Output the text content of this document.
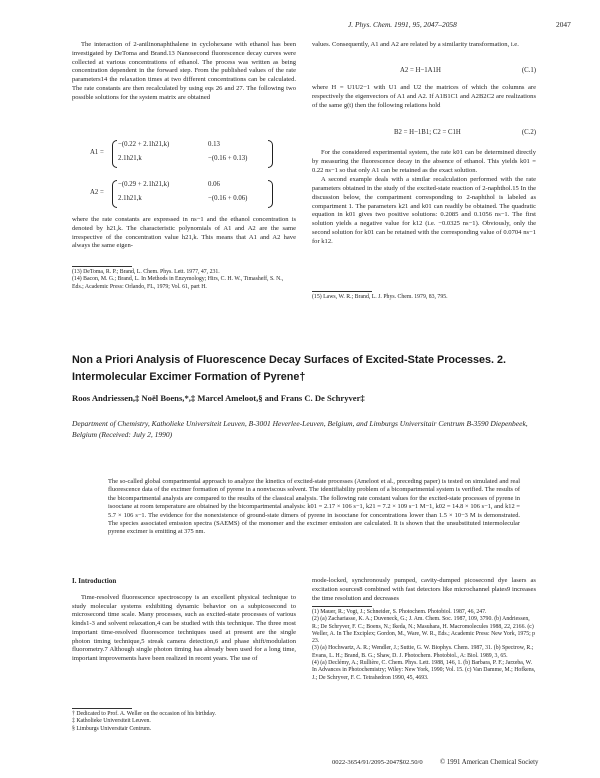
J. Phys. Chem. 1991, 95, 2047–2058	2047

The interaction of 2-anilinonaphthalene in cyclohexane with ethanol has been investigated by DeToma and Brand.13 Nanosecond fluorescence decay curves were collected at various concentrations of ethanol. The process was written as being concentration dependent in the forward step. From the published values of the rate parameters14 the relaxation times at two different concentrations can be calculated. The rate constants are then recalculated by using eqs 26 and 27. The following two possible solutions for the system matrix are obtained

A1 =
−(0.22 + 2.1h21,k)	0.13
2.1h21,k	−(0.16 + 0.13)
A2 =
−(0.29 + 2.1h21,k)	0.06
2.1h21,k	−(0.16 + 0.06)

where the rate constants are expressed in ns−1 and the ethanol concentration is denoted by h21,k. The characteristic polynomials of A1 and A2 are the same irrespective of the concentration value h21,k. This means that A1 and A2 have always the same eigen-

(13) DeToma, R. P.; Brand, L. Chem. Phys. Lett. 1977, 47, 231.
(14) Bacon, M. G.; Brand, L. In Methods in Enzymology; Hirs, C. H. W., Timasheff, S. N., Eds.; Academic Press: Orlando, FL, 1979; Vol. 61, part H.

values. Consequently, A1 and A2 are related by a similarity transformation, i.e.

A2 = H−1A1H	(C.1)

where H = U1U2−1 with U1 and U2 the matrices of which the columns are respectively the eigenvectors of A1 and A2. If A1B1C1 and A2B2C2 are realizations of the same g(t) then the following relations hold

B2 = H−1B1; C2 = C1H	(C.2)

For the considered experimental system, the rate k01 can be determined directly by measuring the fluorescence decay in the absence of ethanol. This yields k01 = 0.22 ns−1 so that only A1 can be retained as the exact solution.

A second example deals with a similar recalculation performed with the rate parameters obtained in the study of the excited-state reaction of 2-naphthol.15 In the discussion below, the compartment corresponding to 2-naphthol is labeled as compartment 1. The parameters k21 and k01 can readily be obtained. The quadratic equation in k01 gives two positive solutions: 0.2085 and 0.1056 ns−1. The first solution yields a negative value for k12 (i.e. −0.0325 ns−1). Obviously, only the second solution for k01 can be retained with the corresponding value of 0.0704 ns−1 for k12.

(15) Laws, W. R.; Brand, L. J. Phys. Chem. 1979, 83, 795.
Non a Priori Analysis of Fluorescence Decay Surfaces of Excited-State Processes. 2.
Intermolecular Excimer Formation of Pyrene†
Roos Andriessen,‡ Noël Boens,*,‡ Marcel Ameloot,§ and Frans C. De Schryver‡
Department of Chemistry, Katholieke Universiteit Leuven, B-3001 Heverlee-Leuven, Belgium, and Limburgs Universitair Centrum B-3590 Diepenbeek, Belgium (Received: July 2, 1990)
The so-called global compartmental approach to analyze the kinetics of excited-state processes (Ameloot et al., preceding paper) is tested on simulated and real fluorescence data of the excimer formation of pyrene in a nonviscous solvent. The identifiability problem of a bicompartmental system is verified. The results of the bicompartmental analysis are compared to the results of the classical analysis. The following rate constant values for the excited-state processes of pyrene in isooctane at room temperature are obtained by the bicompartmental analysis: k01 = 2.17 × 106 s−1, k21 = 7.2 × 109 s−1 M−1, k02 = 14.8 × 106 s−1, and k12 = 5.7 × 106 s−1. The evidence for the nonexistence of ground-state dimers of pyrene in isooctane for concentrations lower than 1.5 × 10−3 M is demonstrated. The species associated emission spectra (SAEMS) of the monomer and the excimer emission are calculated. It is shown that the unsubstituted intermolecular pyrene excimer is emitting at 375 nm.
I. Introduction

Time-resolved fluorescence spectroscopy is an excellent physical technique to study molecular systems exhibiting dynamic behavior on a subpicosecond to microsecond time scale. Many processes, such as excited-state processes of various kinds1-3 and solvent relaxation,4 can be studied with this technique. The three most important time-resolved fluorescence techniques used at present are the single photon timing technique,5 streak camera detection,6 and phase shift/modulation fluorometry.7 Although single photon timing has already been used for a long time, important improvements have been realized in recent years. The use of

† Dedicated to Prof. A. Weller on the occasion of his birthday.
‡ Katholieke Universiteit Leuven.
§ Limburgs Universitair Centrum.

mode-locked, synchronously pumped, cavity-dumped picosecond dye lasers as excitation sources8 combined with fast detectors like microchannel plates9 increases the time resolution and decreases

(1) Mauer, R.; Vogt, J.; Schneider, S. Photochem. Photobiol. 1987, 46, 247.
(2) (a) Zachariasse, K. A.; Duveneck, G.; J. Am. Chem. Soc. 1987, 109, 3790. (b) Andriessen, R.; De Schryver, F. C.; Boens, N.; Ikeda, N.; Masuhara, H. Macromolecules 1988, 22, 2166. (c) Weller, A. In The Exciplex; Gordon, M., Ware, W. R., Eds.; Academic Press: New York, 1975; p 23.
(3) (a) Hochwartz, A. R.; Wendler, J.; Suttie, G. W. Biophys. Chem. 1987, 31. (b) Spectrow, R.; Evans, L. H.; Brand, B. G.; Shaw, D. J. Photochem. Photobiol., A: Biol. 1989, 3, 65.
(4) (a) Declémy, A.; Rullière, C. Chem. Phys. Lett. 1988, 146, 1. (b) Barbara, P. F.; Jarzeba, W. In Advances in Photochemistry; Wiley: New York, 1990; Vol. 15. (c) Van Damme, M.; Hofkens, J.; De Schryver, F. C. Tetrahedron 1990, 45, 4693.
0022-3654/91/2095-2047$02.50/0	© 1991 American Chemical Society
